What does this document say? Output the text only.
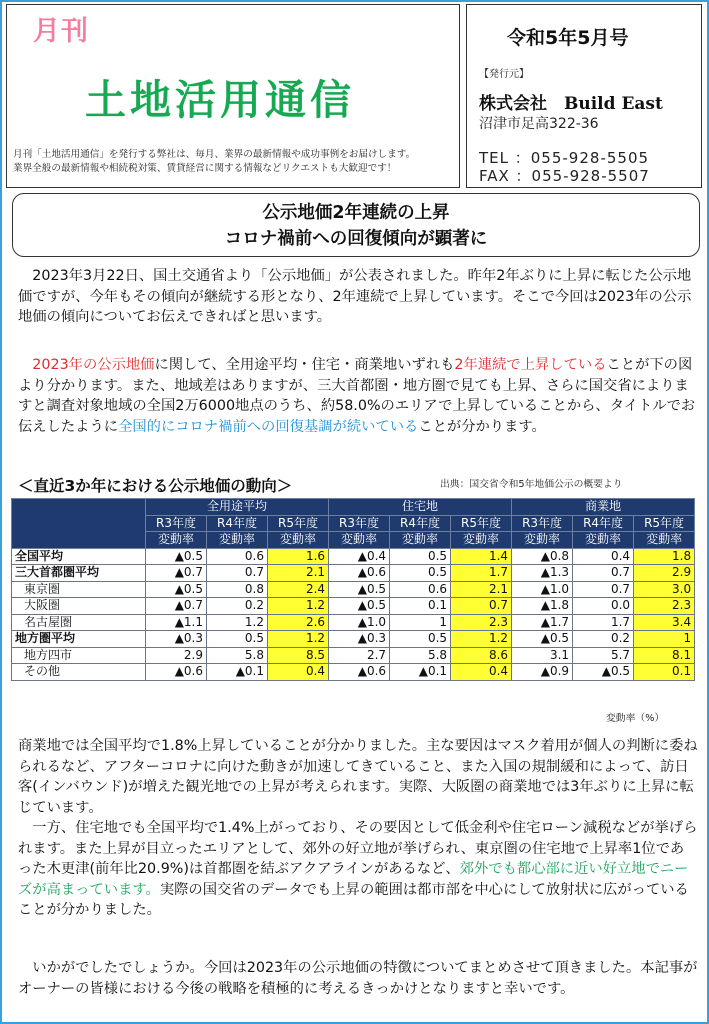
月刊
土地活用通信
月刊「土地活用通信」を発行する弊社は、毎月、業界の最新情報や成功事例をお届けします。
業界全般の最新情報や相続税対策、賃貸経営に関する情報などリクエストも大歓迎です！
令和5年5月号
【発行元】
株式会社　Build East
沼津市足高322-36
TEL ：055-928-5505
FAX ：055-928-5507
公示地価2年連続の上昇
コロナ禍前への回復傾向が顕著に
　2023年3月22日、国土交通省より「公示地価」が公表されました。昨年2年ぶりに上昇に転じた公示地価ですが、今年もその傾向が継続する形となり、2年連続で上昇しています。そこで今回は2023年の公示地価の傾向についてお伝えできればと思います。
　2023年の公示地価に関して、全用途平均・住宅・商業地いずれも2年連続で上昇していることが下の図より分かります。また、地域差はありますが、三大首都圏・地方圏で見ても上昇、さらに国交省によりますと調査対象地域の全国2万6000地点のうち、約58.0%のエリアで上昇していることから、タイトルでお伝えしたように全国的にコロナ禍前への回復基調が続いていることが分かります。
＜直近3か年における公示地価の動向＞	出典：国交省令和5年地価公示の概要より
	全用途平均			住宅地			商業地		
	R3年度	R4年度	R5年度	R3年度	R4年度	R5年度	R3年度	R4年度	R5年度
	変動率	変動率	変動率	変動率	変動率	変動率	変動率	変動率	変動率
全国平均	▲0.5	0.6	1.6	▲0.4	0.5	1.4	▲0.8	0.4	1.8
三大首都圏平均	▲0.7	0.7	2.1	▲0.6	0.5	1.7	▲1.3	0.7	2.9
東京圏	▲0.5	0.8	2.4	▲0.5	0.6	2.1	▲1.0	0.7	3.0
大阪圏	▲0.7	0.2	1.2	▲0.5	0.1	0.7	▲1.8	0.0	2.3
名古屋圏	▲1.1	1.2	2.6	▲1.0	1	2.3	▲1.7	1.7	3.4
地方圏平均	▲0.3	0.5	1.2	▲0.3	0.5	1.2	▲0.5	0.2	1
地方四市	2.9	5.8	8.5	2.7	5.8	8.6	3.1	5.7	8.1
その他	▲0.6	▲0.1	0.4	▲0.6	▲0.1	0.4	▲0.9	▲0.5	0.1
変動率（%）
商業地では全国平均で1.8%上昇していることが分かりました。主な要因はマスク着用が個人の判断に委ねられるなど、アフターコロナに向けた動きが加速してきていること、また入国の規制緩和によって、訪日客(インバウンド)が増えた観光地での上昇が考えられます。実際、大阪圏の商業地では3年ぶりに上昇に転じています。
　一方、住宅地でも全国平均で1.4%上がっており、その要因として低金利や住宅ローン減税などが挙げられます。また上昇が目立ったエリアとして、郊外の好立地が挙げられ、東京圏の住宅地で上昇率1位であった木更津(前年比20.9%)は首都圏を結ぶアクアラインがあるなど、郊外でも都心部に近い好立地でニーズが高まっています。実際の国交省のデータでも上昇の範囲は都市部を中心にして放射状に広がっていることが分かりました。
　いかがでしたでしょうか。今回は2023年の公示地価の特徴についてまとめさせて頂きました。本記事がオーナーの皆様における今後の戦略を積極的に考えるきっかけとなりますと幸いです。
